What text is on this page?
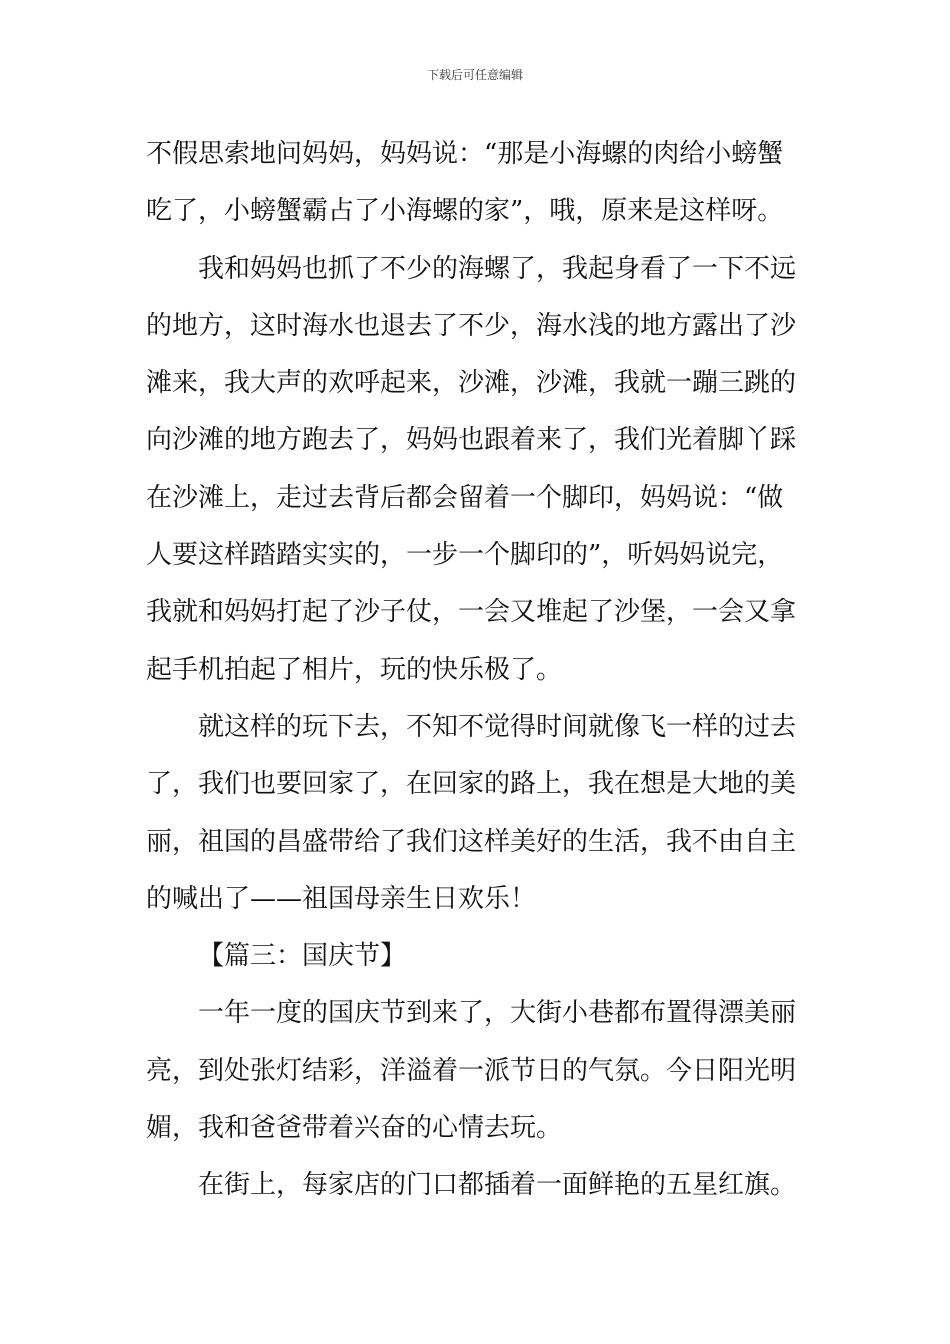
下载后可任意编辑

不假思索地问妈妈，妈妈说：“那是小海螺的肉给小螃蟹

吃了，小螃蟹霸占了小海螺的家”，哦，原来是这样呀。

我和妈妈也抓了不少的海螺了，我起身看了一下不远

的地方，这时海水也退去了不少，海水浅的地方露出了沙

滩来，我大声的欢呼起来，沙滩，沙滩，我就一蹦三跳的

向沙滩的地方跑去了，妈妈也跟着来了，我们光着脚丫踩

在沙滩上，走过去背后都会留着一个脚印，妈妈说：“做

人要这样踏踏实实的，一步一个脚印的”，听妈妈说完，

我就和妈妈打起了沙子仗，一会又堆起了沙堡，一会又拿

起手机拍起了相片，玩的快乐极了。

就这样的玩下去，不知不觉得时间就像飞一样的过去

了，我们也要回家了，在回家的路上，我在想是大地的美

丽，祖国的昌盛带给了我们这样美好的生活，我不由自主

的喊出了——祖国母亲生日欢乐！

【篇三：国庆节】

一年一度的国庆节到来了，大街小巷都布置得漂美丽

亮，到处张灯结彩，洋溢着一派节日的气氛。今日阳光明

媚，我和爸爸带着兴奋的心情去玩。

在街上，每家店的门口都插着一面鲜艳的五星红旗。
